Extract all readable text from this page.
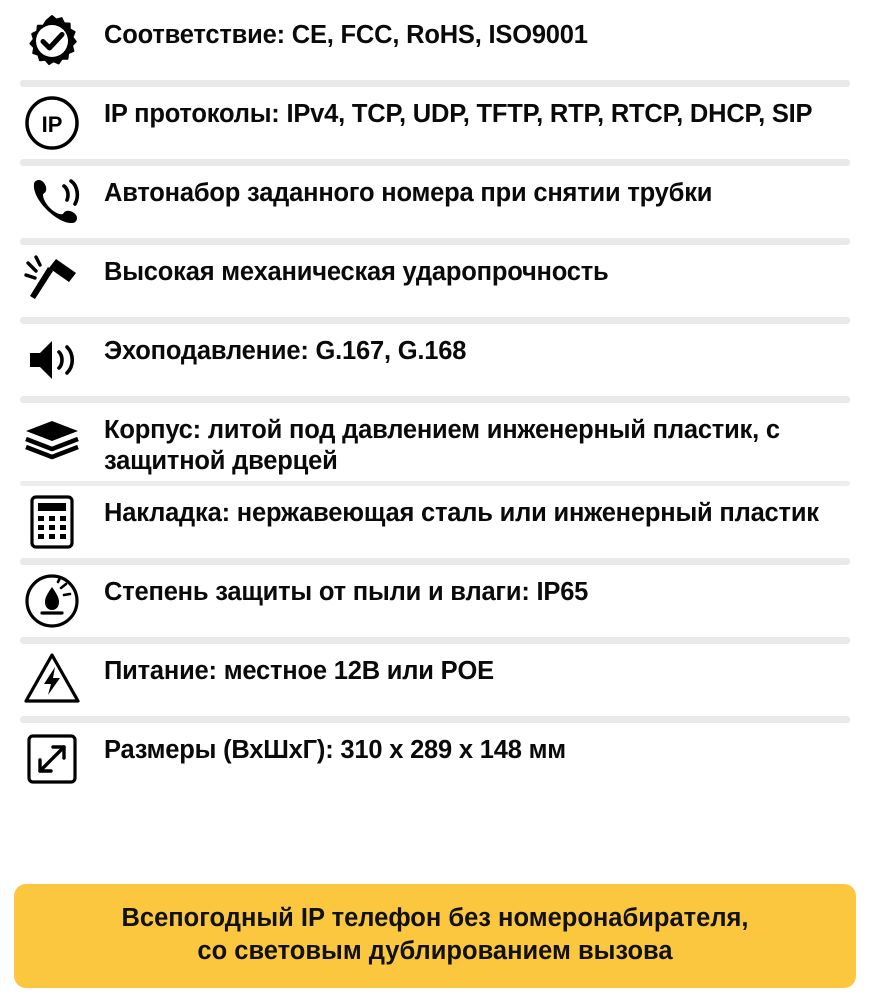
Соответствие: CE, FCC, RoHS, ISO9001
IP IP протоколы: IPv4, TCP, UDP, TFTP, RTP, RTCP, DHCP, SIP
Автонабор заданного номера при снятии трубки
Высокая механическая ударопрочность
Эхоподавление: G.167, G.168
Корпус: литой под давлением инженерный пластик, с защитной дверцей
Накладка: нержавеющая сталь или инженерный пластик
Степень защиты от пыли и влаги: IP65
Питание: местное 12В или POE
Размеры (ВхШхГ): 310 x 289 x 148 мм
Всепогодный IP телефон без номеронабирателя,
со световым дублированием вызова
